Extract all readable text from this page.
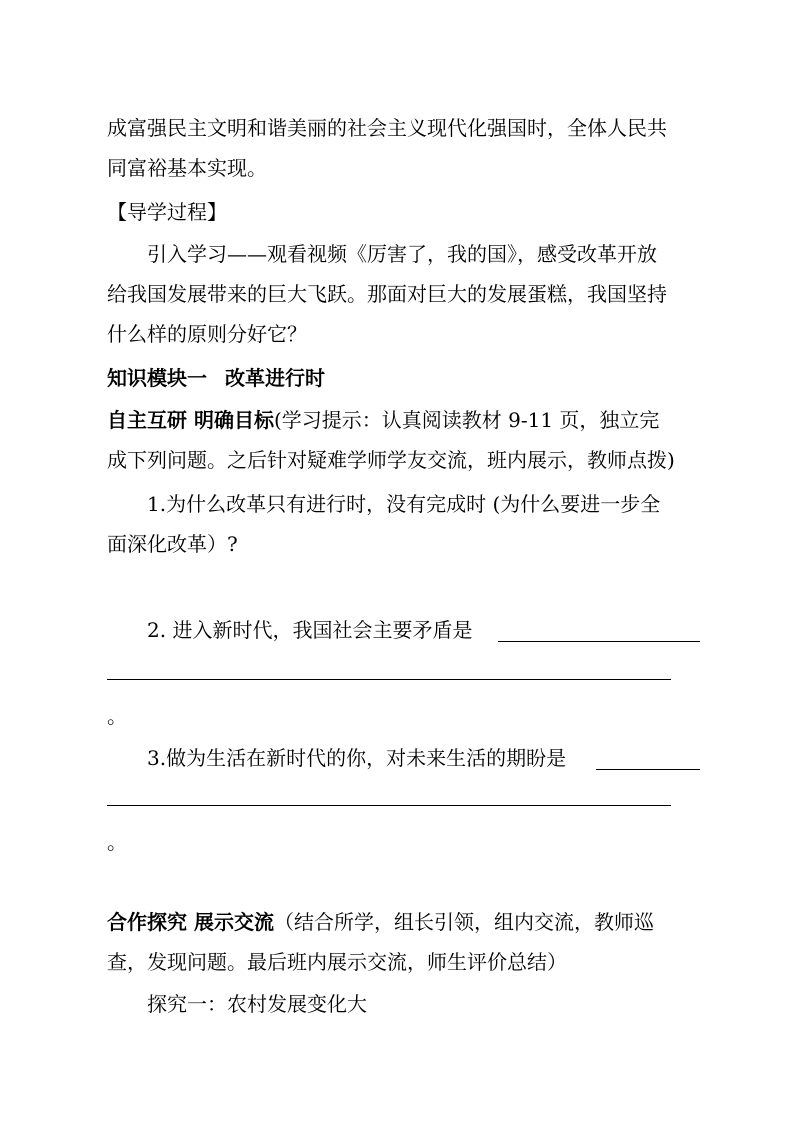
成富强民主文明和谐美丽的社会主义现代化强国时，全体人民共
同富裕基本实现。
【导学过程】
引入学习——观看视频《厉害了，我的国》，感受改革开放
给我国发展带来的巨大飞跃。那面对巨大的发展蛋糕，我国坚持
什么样的原则分好它？
知识模块一 改革进行时
自主互研 明确目标(学习提示：认真阅读教材 9-11 页，独立完
成下列问题。之后针对疑难学师学友交流，班内展示，教师点拨)
1.为什么改革只有进行时，没有完成时 (为什么要进一步全
面深化改革）?
2. 进入新时代，我国社会主要矛盾是
。
3.做为生活在新时代的你，对未来生活的期盼是
。
合作探究 展示交流（结合所学，组长引领，组内交流，教师巡
查，发现问题。最后班内展示交流，师生评价总结）
探究一：农村发展变化大
